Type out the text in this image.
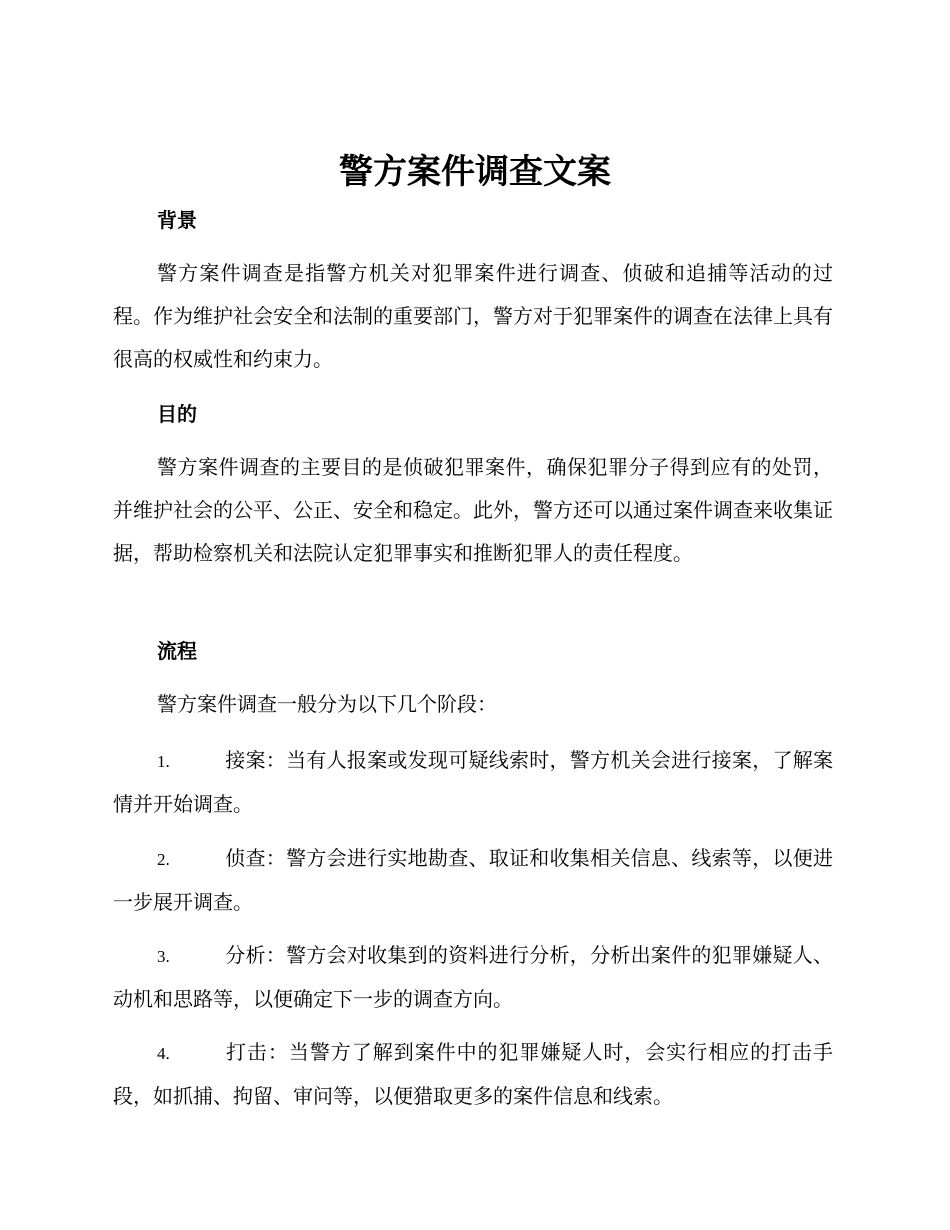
警方案件调查文案
背景

警方案件调查是指警方机关对犯罪案件进行调查、侦破和追捕等活动的过程。作为维护社会安全和法制的重要部门，警方对于犯罪案件的调查在法律上具有很高的权威性和约束力。

目的

警方案件调查的主要目的是侦破犯罪案件，确保犯罪分子得到应有的处罚，并维护社会的公平、公正、安全和稳定。此外，警方还可以通过案件调查来收集证据，帮助检察机关和法院认定犯罪事实和推断犯罪人的责任程度。

流程

警方案件调查一般分为以下几个阶段：

1.	接案：当有人报案或发现可疑线索时，警方机关会进行接案，了解案情并开始调查。

2.	侦查：警方会进行实地勘查、取证和收集相关信息、线索等，以便进一步展开调查。

3.	分析：警方会对收集到的资料进行分析，分析出案件的犯罪嫌疑人、动机和思路等，以便确定下一步的调查方向。

4.	打击：当警方了解到案件中的犯罪嫌疑人时，会实行相应的打击手段，如抓捕、拘留、审问等，以便猎取更多的案件信息和线索。
